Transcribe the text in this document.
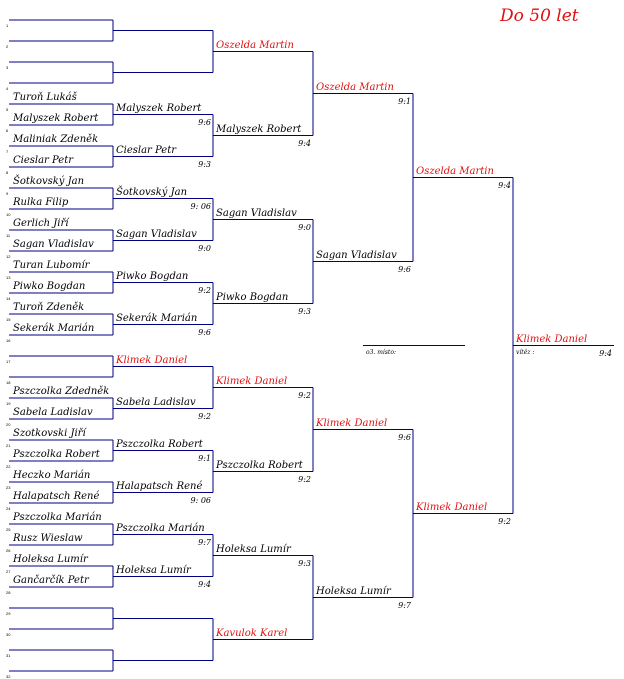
Do 50 let
1
2
3
4
Turoň Lukáš
Malyszek Robert
5
6
Maliniak Zdeněk
Cieslar Petr
7
8
Šotkovský Jan
Rulka Filip
9
10
Gerlich Jiří
Sagan Vladislav
11
12
Turan Lubomír
Piwko Bogdan
13
14
Turoň Zdeněk
Sekerák Marián
15
16
17
18
Pszczolka Zdedněk
Sabela Ladislav
19
20
Szotkovski Jiří
Pszczolka Robert
21
22
Heczko Marián
Halapatsch René
23
24
Pszczolka Marián
Rusz Wieslaw
25
26
Holeksa Lumír
Gančarčík Petr
27
28
29
30
31
32
Malyszek Robert
9:6
Cieslar Petr
9:3
Šotkovský Jan
9: 06
Sagan Vladislav
9:0
Piwko Bogdan
9:2
Sekerák Marián
9:6
Klimek Daniel
Sabela Ladislav
9:2
Pszczolka Robert
9:1
Halapatsch René
9: 06
Pszczolka Marián
9:7
Holeksa Lumír
9:4
Oszelda Martin
Malyszek Robert
9:4
Sagan Vladislav
9:0
Piwko Bogdan
9:3
Klimek Daniel
9:2
Pszczolka Robert
9:2
Holeksa Lumír
9:3
Kavulok Karel
Oszelda Martin
9:1
Sagan Vladislav
9:6
Klimek Daniel
9:6
Holeksa Lumír
9:7
Oszelda Martin
9:4
Klimek Daniel
9:2
Klimek Daniel
9:4
vítěz :
o3. místo:
